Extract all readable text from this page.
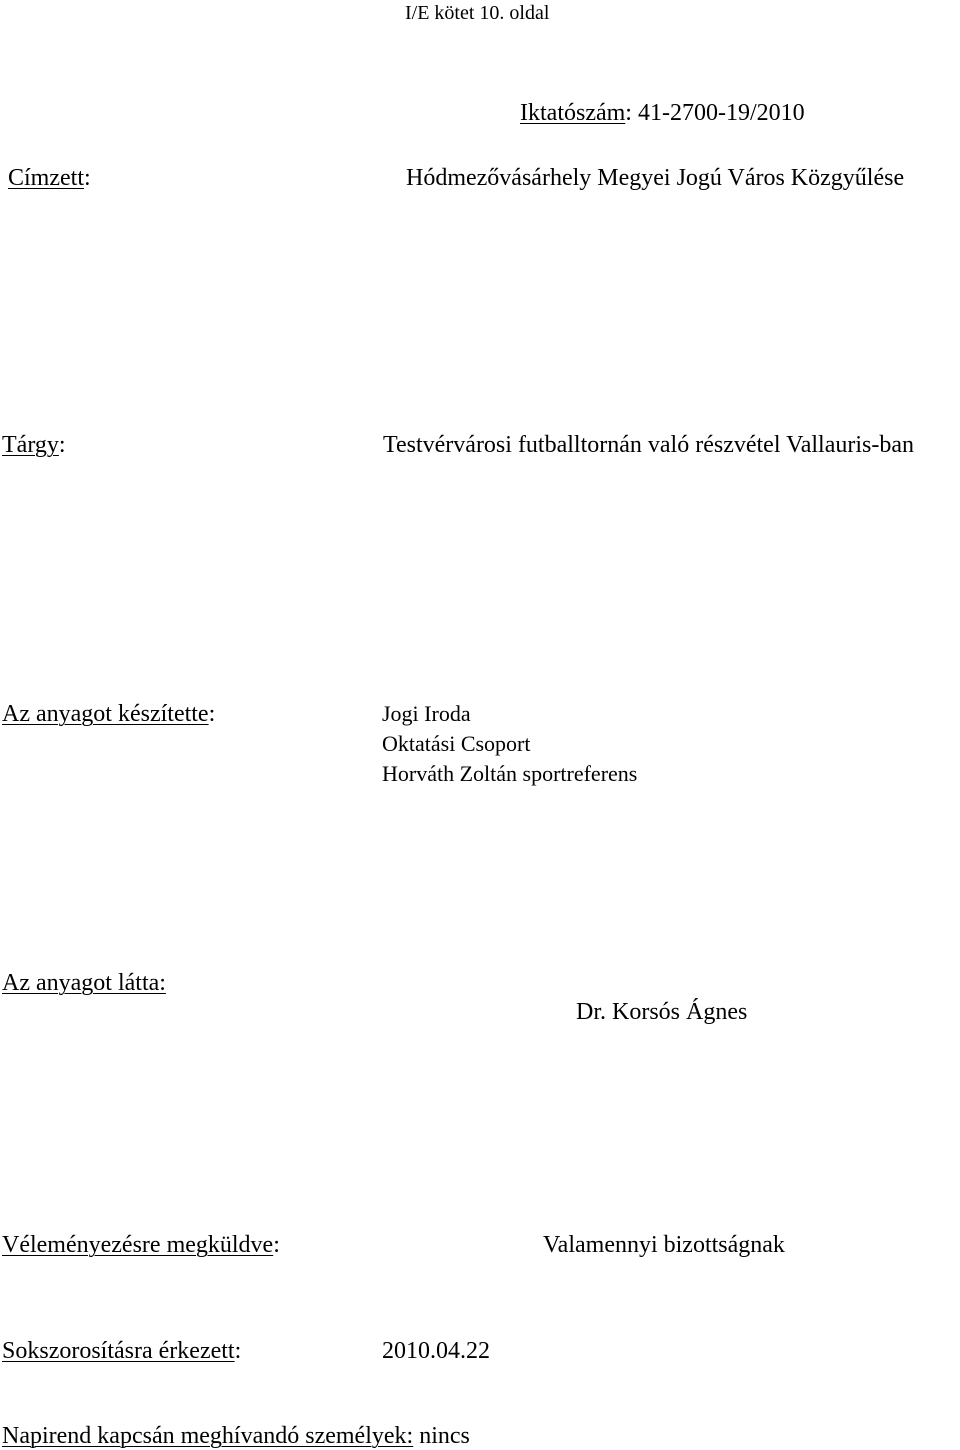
I/E kötet 10. oldal
Iktatószám: 41-2700-19/2010
Címzett:	Hódmezővásárhely Megyei Jogú Város Közgyűlése
Tárgy:	Testvérvárosi futballtornán való részvétel Vallauris-ban
Az anyagot készítette:	Jogi Iroda
Oktatási Csoport
Horváth Zoltán sportreferens
Az anyagot látta:
Dr. Korsós Ágnes
Véleményezésre megküldve:	Valamennyi bizottságnak
Sokszorosításra érkezett:	2010.04.22
Napirend kapcsán meghívandó személyek: nincs
